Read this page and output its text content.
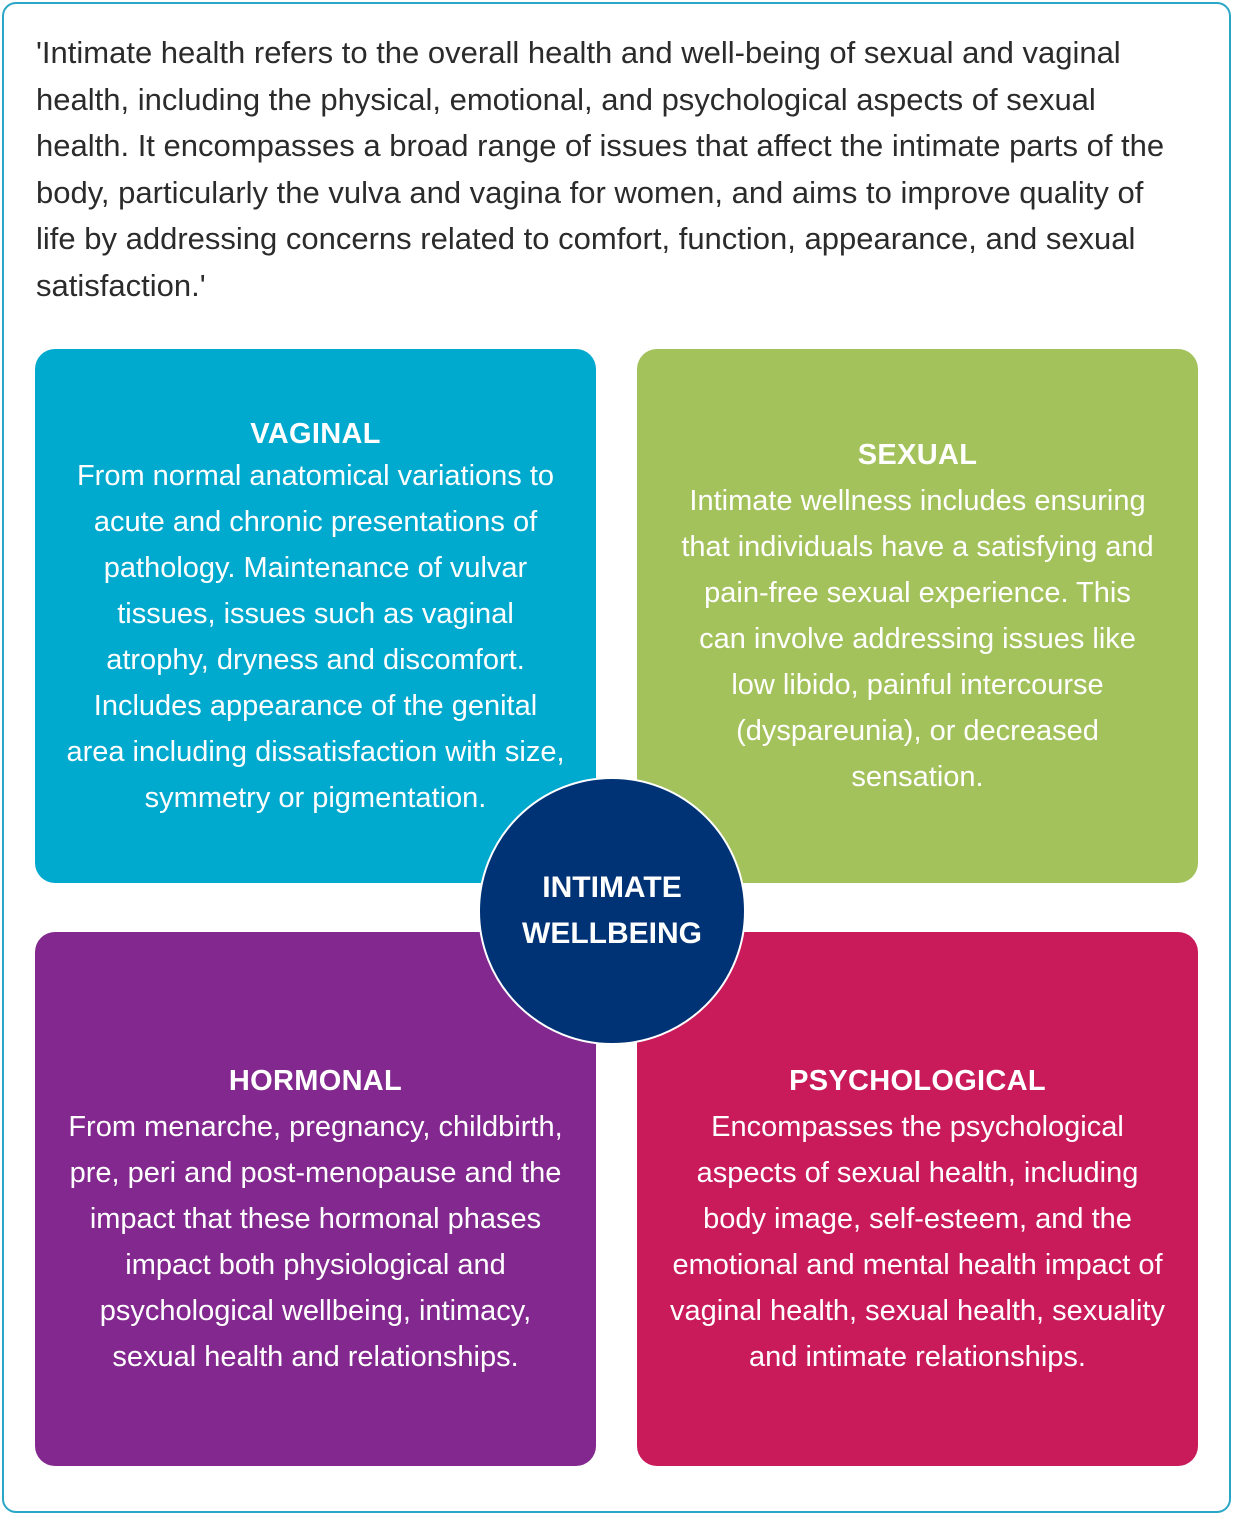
'Intimate health refers to the overall health and well-being of sexual and vaginal health, including the physical, emotional, and psychological aspects of sexual health. It encompasses a broad range of issues that affect the intimate parts of the body, particularly the vulva and vagina for women, and aims to improve quality of life by addressing concerns related to comfort, function, appearance, and sexual satisfaction.'

VAGINAL

From normal anatomical variations to acute and chronic presentations of pathology. Maintenance of vulvar tissues, issues such as vaginal atrophy, dryness and discomfort. Includes appearance of the genital area including dissatisfaction with size, symmetry or pigmentation.

SEXUAL

Intimate wellness includes ensuring that individuals have a satisfying and pain-free sexual experience. This can involve addressing issues like low libido, painful intercourse (dyspareunia), or decreased sensation.

HORMONAL

From menarche, pregnancy, childbirth, pre, peri and post-menopause and the impact that these hormonal phases impact both physiological and psychological wellbeing, intimacy, sexual health and relationships.

PSYCHOLOGICAL

Encompasses the psychological aspects of sexual health, including body image, self-esteem, and the emotional and mental health impact of vaginal health, sexual health, sexuality and intimate relationships.

INTIMATE WELLBEING
